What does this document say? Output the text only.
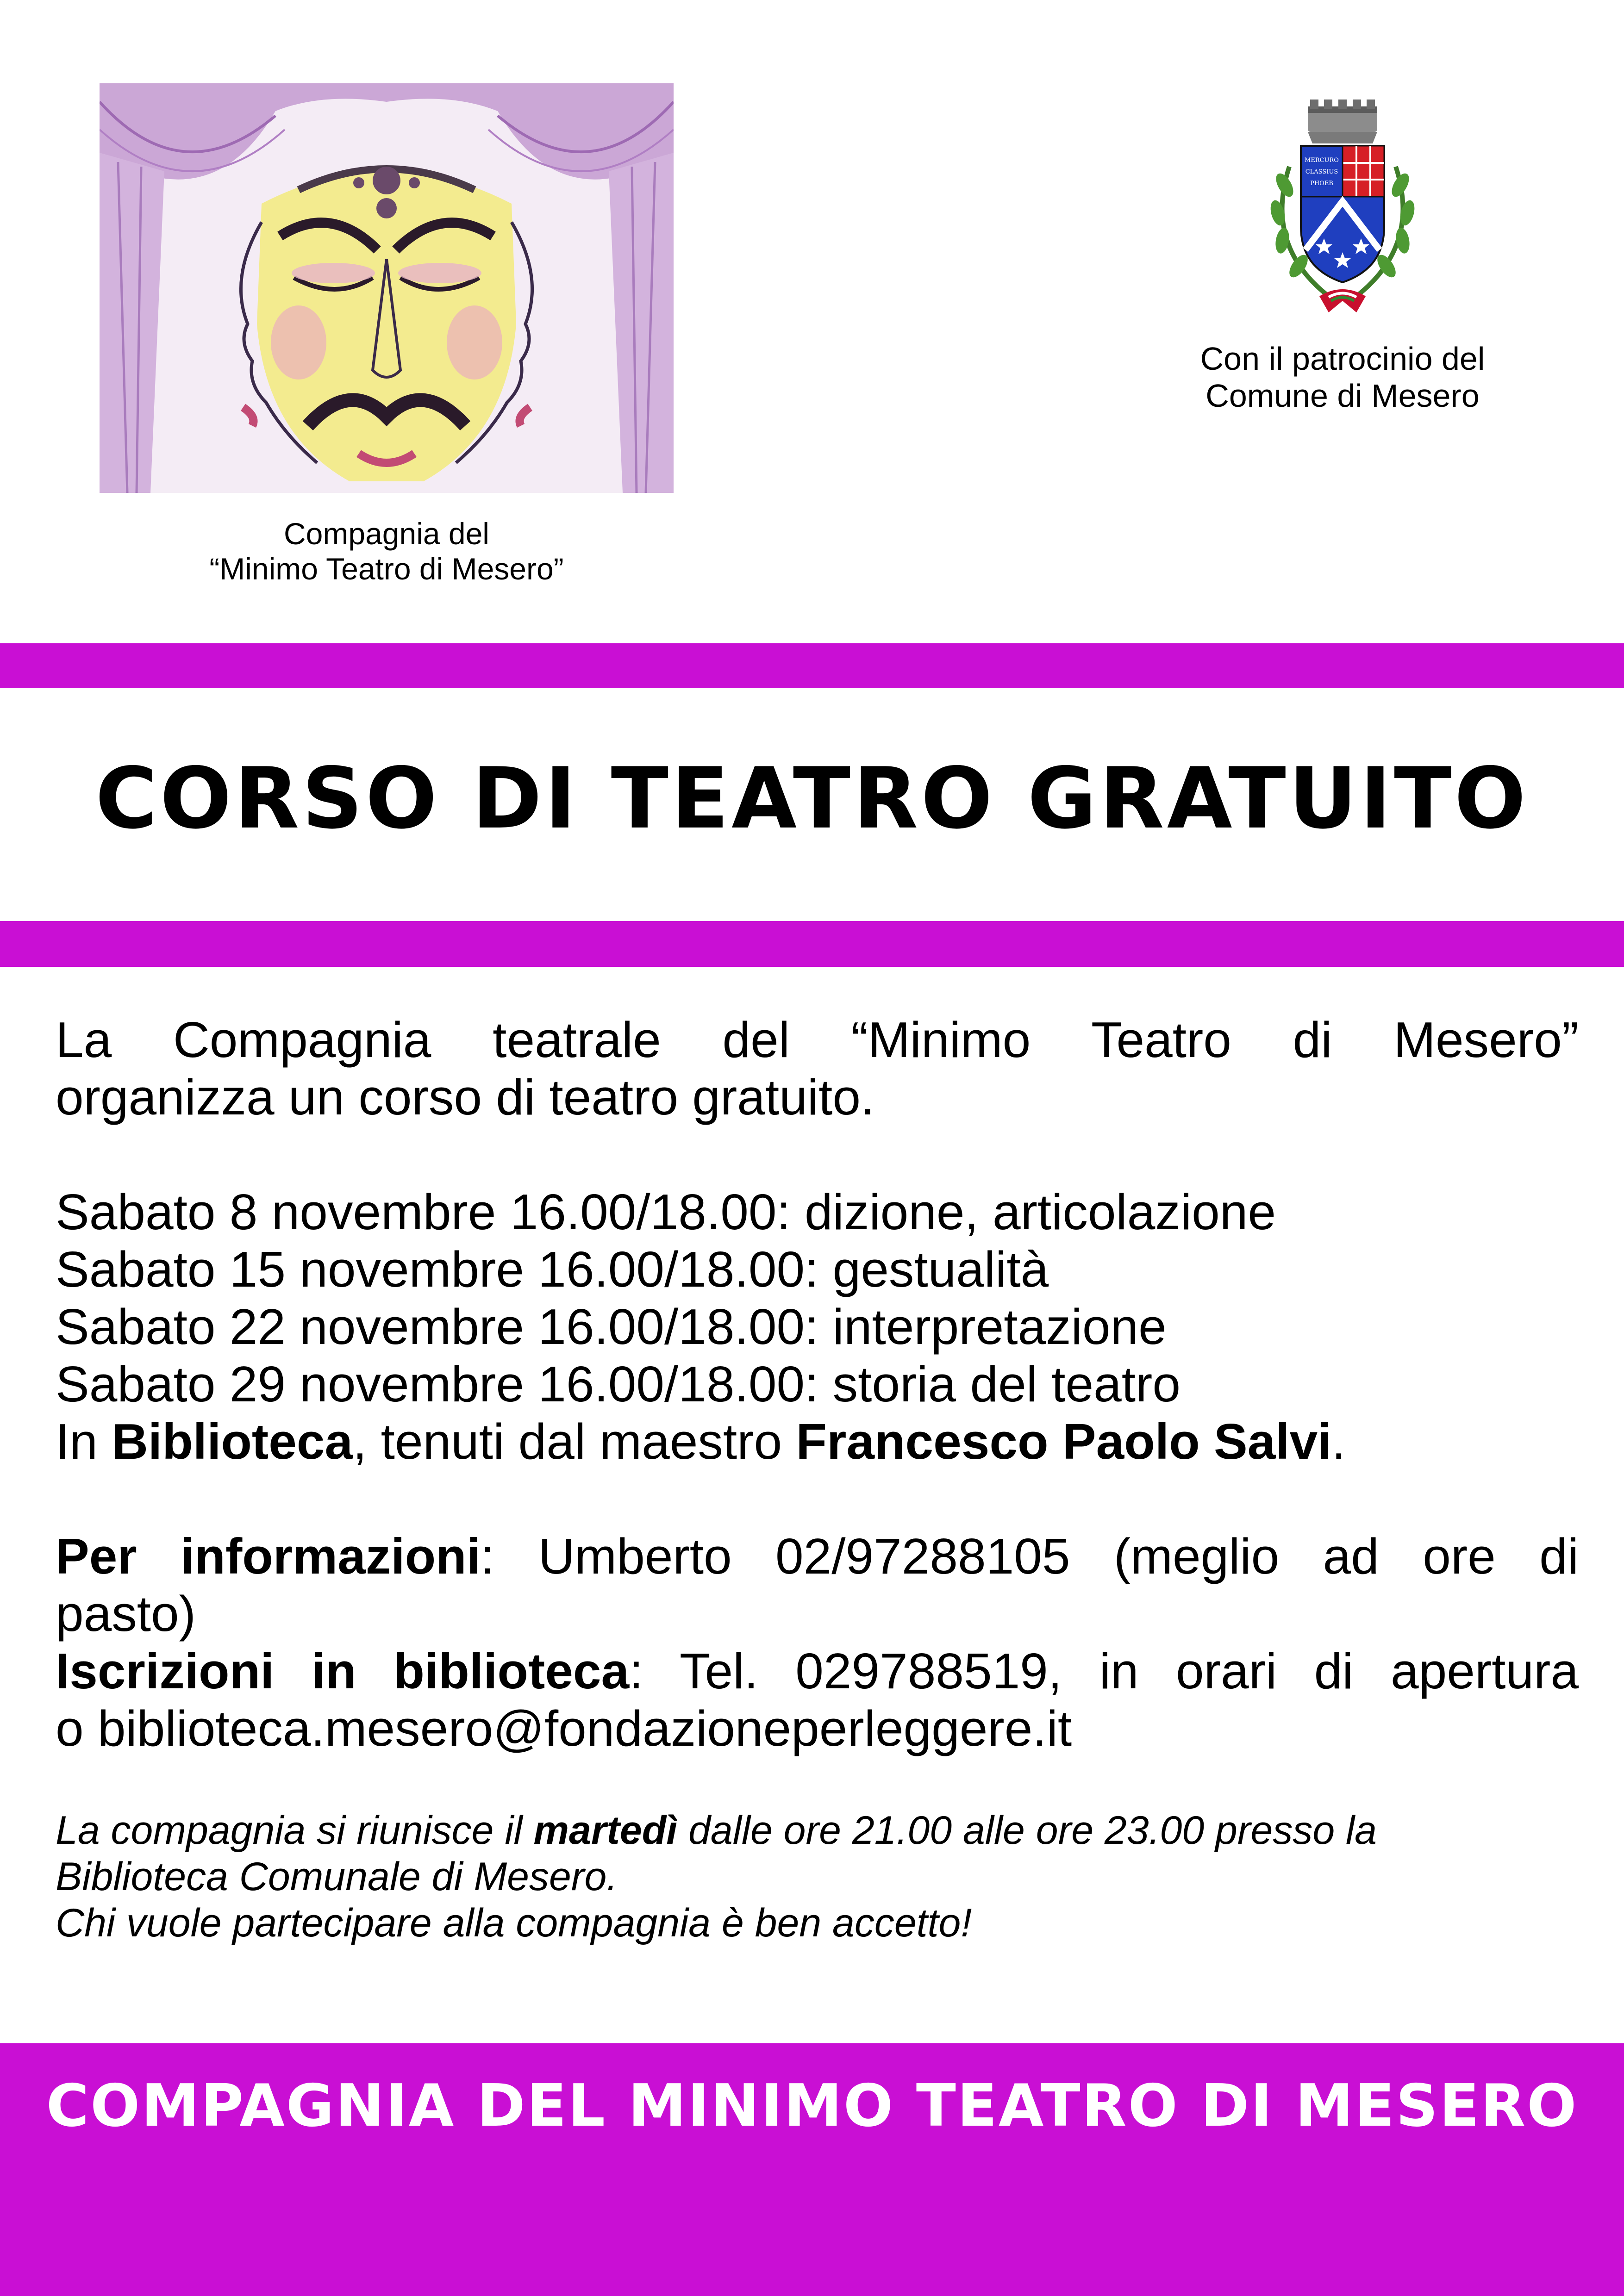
Compagnia del
“Minimo Teatro di Mesero”
MERCURO
CLASSIUS
PHOEB
Con il patrocinio del
Comune di Mesero
CORSO DI TEATRO GRATUITO

La Compagnia teatrale del “Minimo Teatro di Mesero”

organizza un corso di teatro gratuito.

Sabato 8 novembre 16.00/18.00: dizione, articolazione

Sabato 15 novembre 16.00/18.00: gestualità

Sabato 22 novembre 16.00/18.00: interpretazione

Sabato 29 novembre 16.00/18.00: storia del teatro

In Biblioteca, tenuti dal maestro Francesco Paolo Salvi.

Per informazioni: Umberto 02/97288105 (meglio ad ore di

pasto)

Iscrizioni in biblioteca: Tel. 029788519, in orari di apertura

o biblioteca.mesero@fondazioneperleggere.it

La compagnia si riunisce il martedì dalle ore 21.00 alle ore 23.00 presso la

Biblioteca Comunale di Mesero.

Chi vuole partecipare alla compagnia è ben accetto!

COMPAGNIA DEL MINIMO TEATRO DI MESERO
